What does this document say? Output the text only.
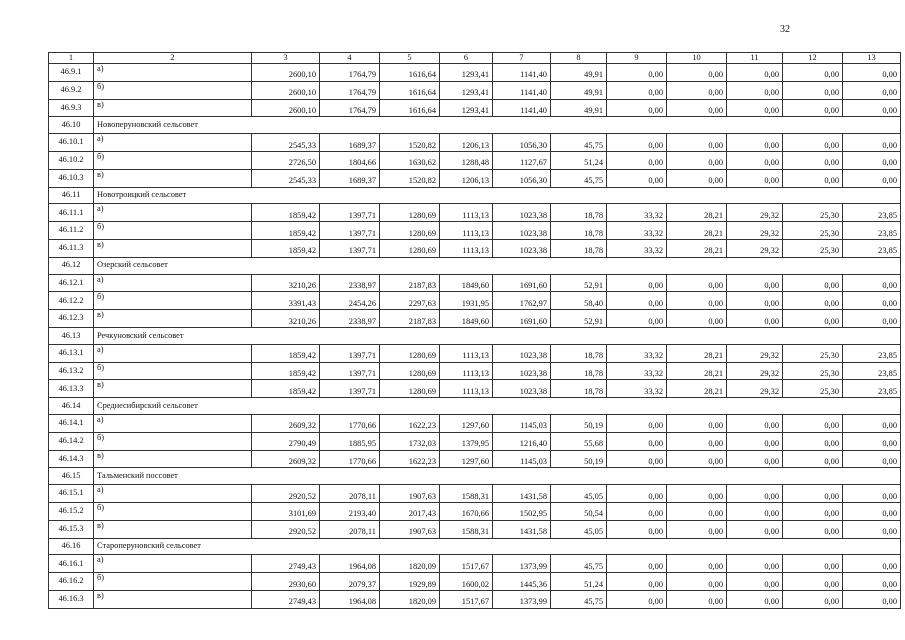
32
1	2	3	4	5	6	7	8	9	10	11	12	13
46.9.1	а)	2600,10	1764,79	1616,64	1293,41	1141,40	49,91	0,00	0,00	0,00	0,00	0,00
46.9.2	б)	2600,10	1764,79	1616,64	1293,41	1141,40	49,91	0,00	0,00	0,00	0,00	0,00
46.9.3	в)	2600,10	1764,79	1616,64	1293,41	1141,40	49,91	0,00	0,00	0,00	0,00	0,00
46.10	Новоперуновский сельсовет											
46.10.1	а)	2545,33	1689,37	1520,82	1206,13	1056,30	45,75	0,00	0,00	0,00	0,00	0,00
46.10.2	б)	2726,50	1804,66	1630,62	1288,48	1127,67	51,24	0,00	0,00	0,00	0,00	0,00
46.10.3	в)	2545,33	1689,37	1520,82	1206,13	1056,30	45,75	0,00	0,00	0,00	0,00	0,00
46.11	Новотроицкий сельсовет											
46.11.1	а)	1859,42	1397,71	1280,69	1113,13	1023,38	18,78	33,32	28,21	29,32	25,30	23,85
46.11.2	б)	1859,42	1397,71	1280,69	1113,13	1023,38	18,78	33,32	28,21	29,32	25,30	23,85
46.11.3	в)	1859,42	1397,71	1280,69	1113,13	1023,38	18,78	33,32	28,21	29,32	25,30	23,85
46.12	Озерский сельсовет											
46.12.1	а)	3210,26	2338,97	2187,83	1849,60	1691,60	52,91	0,00	0,00	0,00	0,00	0,00
46.12.2	б)	3391,43	2454,26	2297,63	1931,95	1762,97	58,40	0,00	0,00	0,00	0,00	0,00
46.12.3	в)	3210,26	2338,97	2187,83	1849,60	1691,60	52,91	0,00	0,00	0,00	0,00	0,00
46.13	Речкуновский сельсовет											
46.13.1	а)	1859,42	1397,71	1280,69	1113,13	1023,38	18,78	33,32	28,21	29,32	25,30	23,85
46.13.2	б)	1859,42	1397,71	1280,69	1113,13	1023,38	18,78	33,32	28,21	29,32	25,30	23,85
46.13.3	в)	1859,42	1397,71	1280,69	1113,13	1023,38	18,78	33,32	28,21	29,32	25,30	23,85
46.14	Среднесибирский сельсовет											
46.14.1	а)	2609,32	1770,66	1622,23	1297,60	1145,03	50,19	0,00	0,00	0,00	0,00	0,00
46.14.2	б)	2790,49	1885,95	1732,03	1379,95	1216,40	55,68	0,00	0,00	0,00	0,00	0,00
46.14.3	в)	2609,32	1770,66	1622,23	1297,60	1145,03	50,19	0,00	0,00	0,00	0,00	0,00
46.15	Тальменский поссовет											
46.15.1	а)	2920,52	2078,11	1907,63	1588,31	1431,58	45,05	0,00	0,00	0,00	0,00	0,00
46.15.2	б)	3101,69	2193,40	2017,43	1670,66	1502,95	50,54	0,00	0,00	0,00	0,00	0,00
46.15.3	в)	2920,52	2078,11	1907,63	1588,31	1431,58	45,05	0,00	0,00	0,00	0,00	0,00
46.16	Староперуновский сельсовет											
46.16.1	а)	2749,43	1964,08	1820,09	1517,67	1373,99	45,75	0,00	0,00	0,00	0,00	0,00
46.16.2	б)	2930,60	2079,37	1929,89	1600,02	1445,36	51,24	0,00	0,00	0,00	0,00	0,00
46.16.3	в)	2749,43	1964,08	1820,09	1517,67	1373,99	45,75	0,00	0,00	0,00	0,00	0,00
